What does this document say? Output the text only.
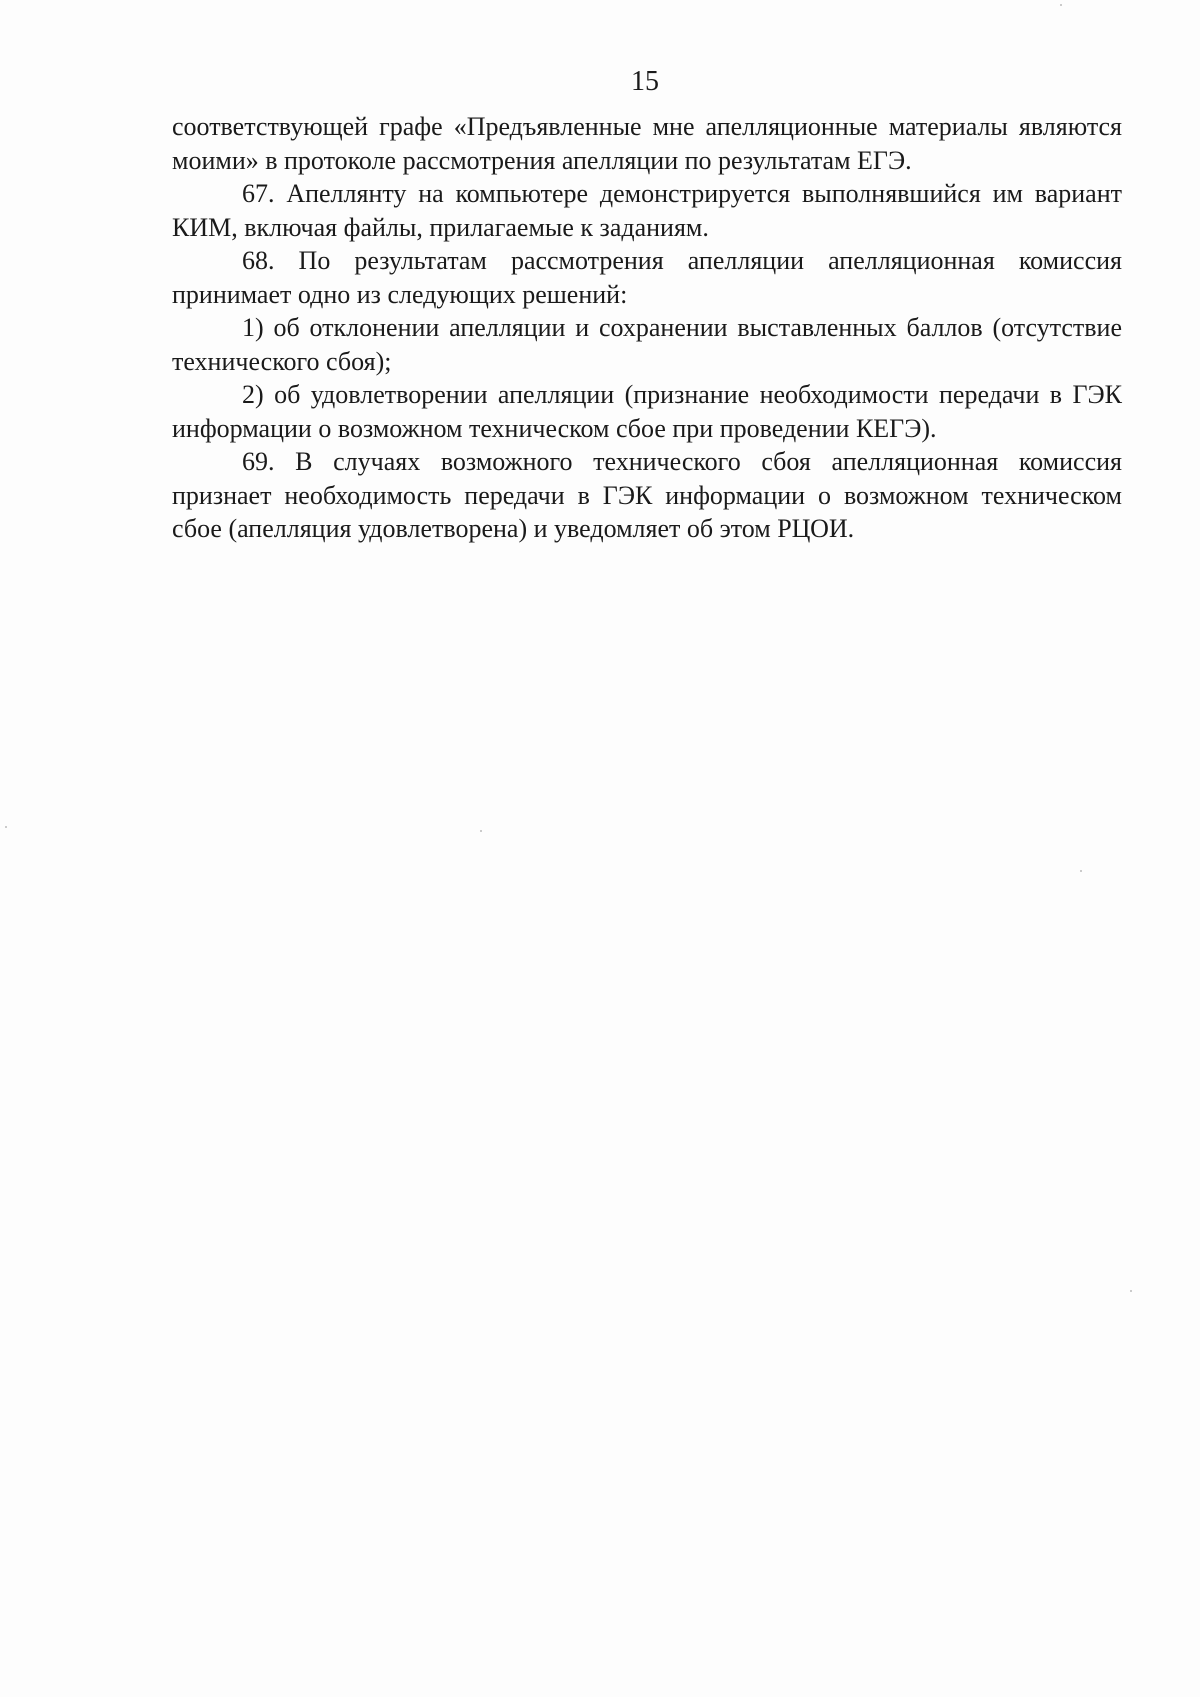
15

соответствующей графе «Предъявленные мне апелляционные материалы являются моими» в протоколе рассмотрения апелляции по результатам ЕГЭ.

67. Апеллянту на компьютере демонстрируется выполнявшийся им вариант КИМ, включая файлы, прилагаемые к заданиям.

68. По результатам рассмотрения апелляции апелляционная комиссия принимает одно из следующих решений:

1) об отклонении апелляции и сохранении выставленных баллов (отсутствие технического сбоя);

2) об удовлетворении апелляции (признание необходимости передачи в ГЭК информации о возможном техническом сбое при проведении КЕГЭ).

69. В случаях возможного технического сбоя апелляционная комиссия признает необходимость передачи в ГЭК информации о возможном техническом сбое (апелляция удовлетворена) и уведомляет об этом РЦОИ.
